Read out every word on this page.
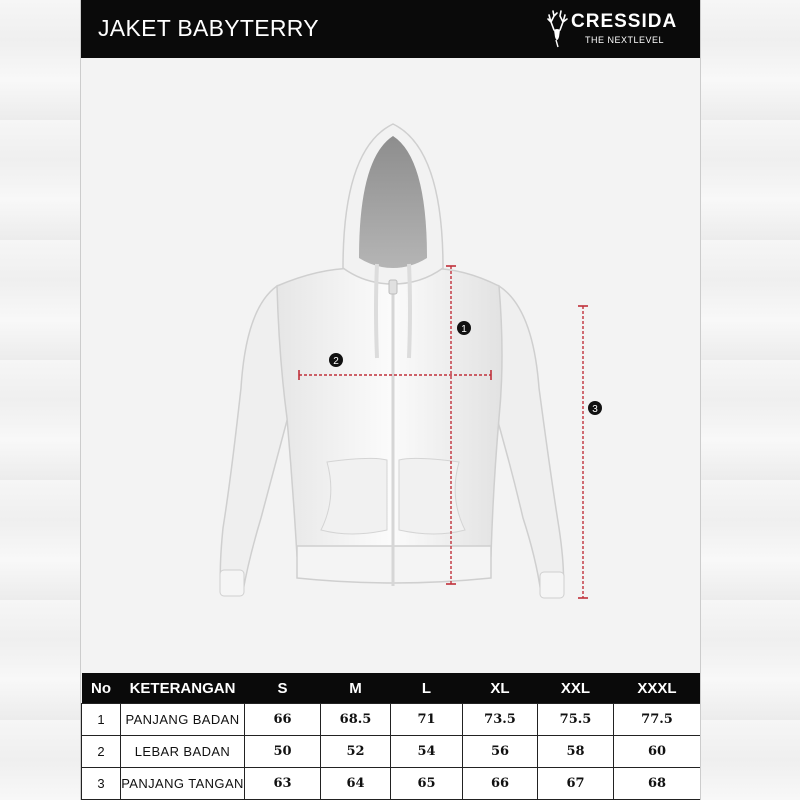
JAKET BABYTERRY	CRESSIDA
THE NEXTLEVEL
1
2
3
No	KETERANGAN	S	M	L	XL	XXL	XXXL
1	PANJANG BADAN	66	68.5	71	73.5	75.5	77.5
2	LEBAR BADAN	50	52	54	56	58	60
3	PANJANG TANGAN	63	64	65	66	67	68
